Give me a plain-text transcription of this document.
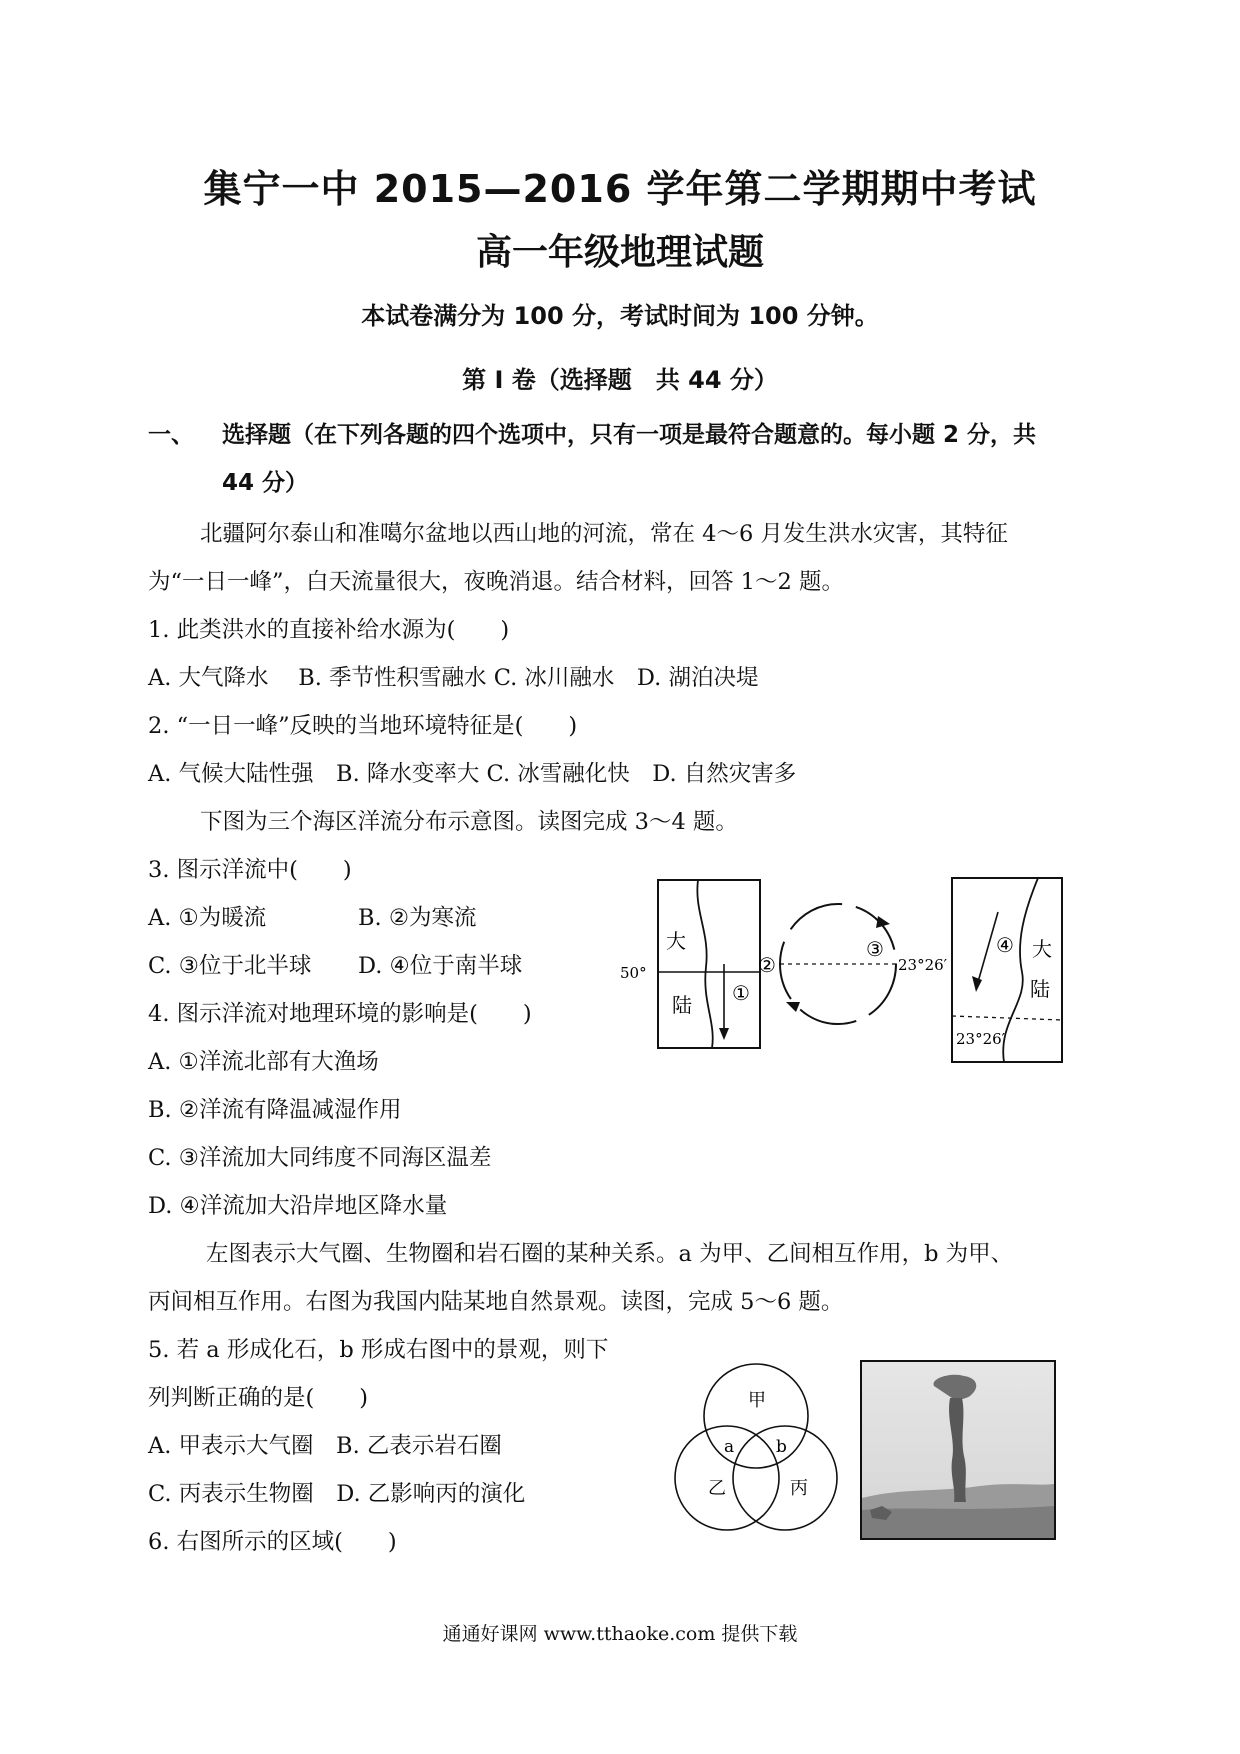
集宁一中 2015—2016 学年第二学期期中考试
高一年级地理试题
本试卷满分为 100 分，考试时间为 100 分钟。
第 I 卷（选择题　共 44 分）
一、 选择题（在下列各题的四个选项中，只有一项是最符合题意的。每小题 2 分，共
44 分）
北疆阿尔泰山和准噶尔盆地以西山地的河流，常在 4～6 月发生洪水灾害，其特征
为“一日一峰”，白天流量很大，夜晚消退。结合材料，回答 1～2 题。
1. 此类洪水的直接补给水源为(　　)
A. 大气降水　 B. 季节性积雪融水 C. 冰川融水　D. 湖泊决堤
2. “一日一峰”反映的当地环境特征是(　　)
A. 气候大陆性强　B. 降水变率大 C. 冰雪融化快　D. 自然灾害多
下图为三个海区洋流分布示意图。读图完成 3～4 题。
3. 图示洋流中(　　)
A. ①为暖流	B. ②为寒流
C. ③位于北半球 D. ④位于南半球
4. 图示洋流对地理环境的影响是(　　)
A. ①洋流北部有大渔场
B. ②洋流有降温减湿作用
C. ③洋流加大同纬度不同海区温差
D. ④洋流加大沿岸地区降水量
左图表示大气圈、生物圈和岩石圈的某种关系。a 为甲、乙间相互作用，b 为甲、
丙间相互作用。右图为我国内陆某地自然景观。读图，完成 5～6 题。
5. 若 a 形成化石，b 形成右图中的景观，则下
列判断正确的是(　　)
A. 甲表示大气圈　B. 乙表示岩石圈
C. 丙表示生物圈　D. 乙影响丙的演化
6. 右图所示的区域(　　)
大
陆
50°
①
②
③
23°26′
④ 大
陆
23°26′
甲
乙	丙
a b
通通好课网 www.tthaoke.com 提供下载
